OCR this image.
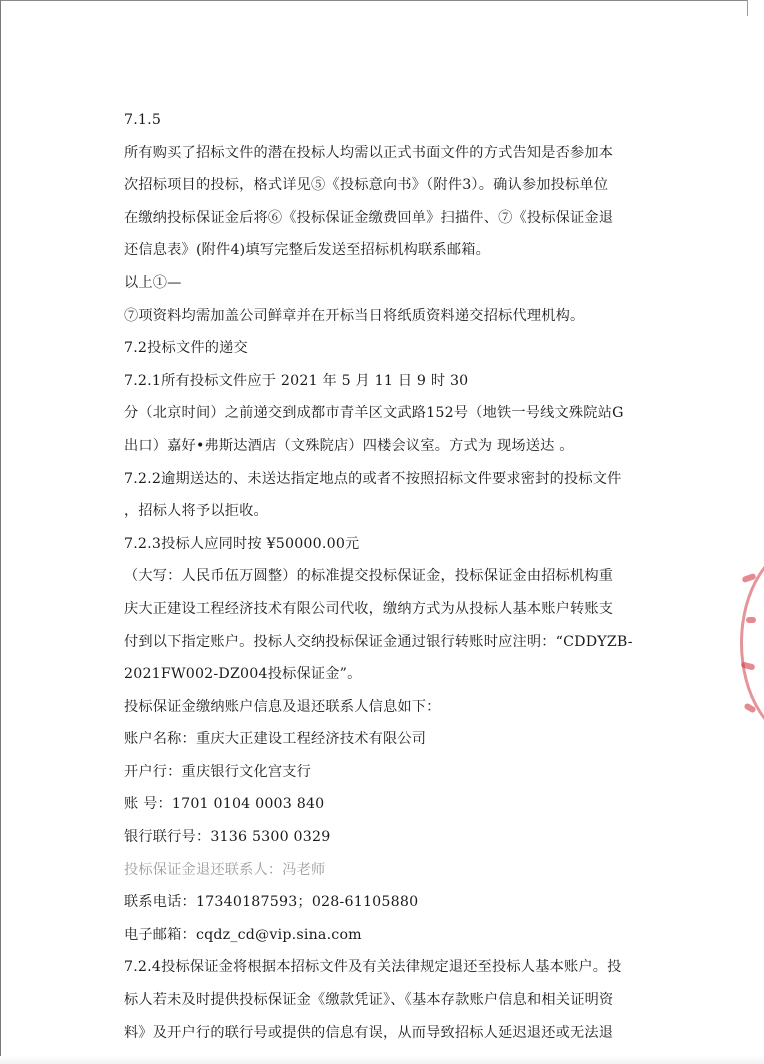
7.1.5
所有购买了招标文件的潜在投标人均需以正式书面文件的方式告知是否参加本
次招标项目的投标，格式详见⑤《投标意向书》（附件3）。确认参加投标单位
在缴纳投标保证金后将⑥《投标保证金缴费回单》扫描件、⑦《投标保证金退
还信息表》(附件4)填写完整后发送至招标机构联系邮箱。
以上①—
⑦项资料均需加盖公司鲜章并在开标当日将纸质资料递交招标代理机构。
7.2投标文件的递交
7.2.1所有投标文件应于 2021 年 5 月 11 日 9 时 30
分（北京时间）之前递交到成都市青羊区文武路152号（地铁一号线文殊院站G
出口）嘉好•弗斯达酒店（文殊院店）四楼会议室。方式为 现场送达 。
7.2.2逾期送达的、未送达指定地点的或者不按照招标文件要求密封的投标文件
，招标人将予以拒收。
7.2.3投标人应同时按 ¥50000.00元
（大写：人民币伍万圆整）的标准提交投标保证金，投标保证金由招标机构重
庆大正建设工程经济技术有限公司代收，缴纳方式为从投标人基本账户转账支
付到以下指定账户。投标人交纳投标保证金通过银行转账时应注明：“CDDYZB-
2021FW002-DZ004投标保证金”。
投标保证金缴纳账户信息及退还联系人信息如下：
账户名称：重庆大正建设工程经济技术有限公司
开户行：重庆银行文化宫支行
账 号：1701 0104 0003 840
银行联行号：3136 5300 0329
投标保证金退还联系人：冯老师
联系电话：17340187593；028-61105880
电子邮箱：cqdz_cd@vip.sina.com
7.2.4投标保证金将根据本招标文件及有关法律规定退还至投标人基本账户。投
标人若未及时提供投标保证金《缴款凭证》、《基本存款账户信息和相关证明资
料》及开户行的联行号或提供的信息有误，从而导致招标人延迟退还或无法退
